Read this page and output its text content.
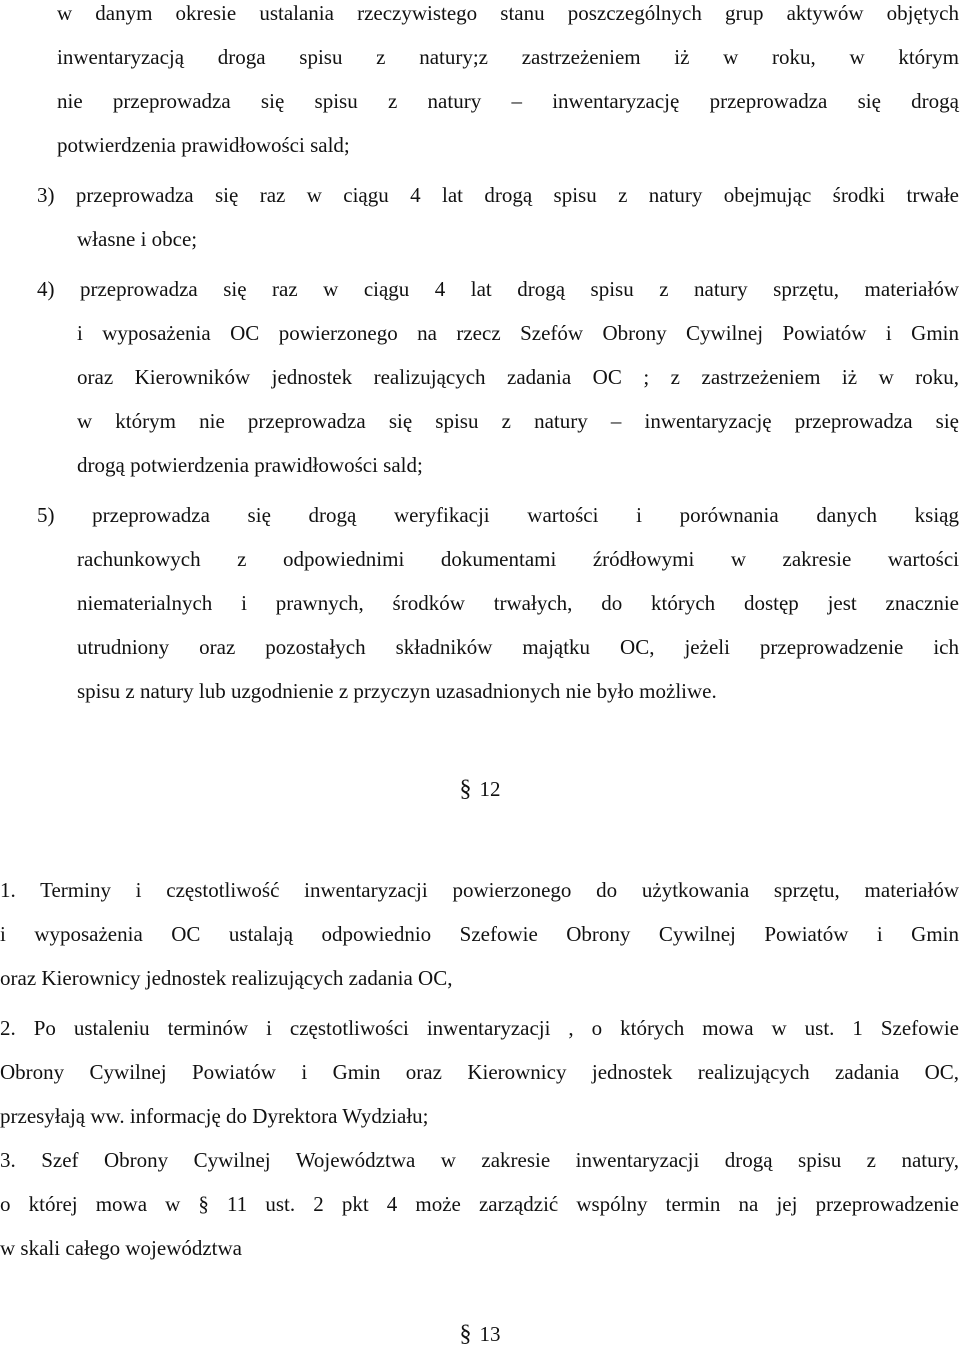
w danym okresie ustalania rzeczywistego stanu poszczególnych grup aktywów objętych
inwentaryzacją droga spisu z natury;z zastrzeżeniem iż w roku, w którym
nie przeprowadza się spisu z natury – inwentaryzację przeprowadza się drogą
potwierdzenia prawidłowości sald;
3) przeprowadza się raz w ciągu 4 lat drogą spisu z natury obejmując środki trwałe
własne i obce;
4) przeprowadza się raz w ciągu 4 lat drogą spisu z natury sprzętu, materiałów
i wyposażenia OC powierzonego na rzecz Szefów Obrony Cywilnej Powiatów i Gmin
oraz Kierowników jednostek realizujących zadania OC ; z zastrzeżeniem iż w roku,
w którym nie przeprowadza się spisu z natury – inwentaryzację przeprowadza się
drogą potwierdzenia prawidłowości sald;
5) przeprowadza się drogą weryfikacji wartości i porównania danych ksiąg
rachunkowych z odpowiednimi dokumentami źródłowymi w zakresie wartości
niematerialnych i prawnych, środków trwałych, do których dostęp jest znacznie
utrudniony oraz pozostałych składników majątku OC, jeżeli przeprowadzenie ich
spisu z natury lub uzgodnienie z przyczyn uzasadnionych nie było możliwe.
§ 12
1. Terminy i częstotliwość inwentaryzacji powierzonego do użytkowania sprzętu, materiałów
i wyposażenia OC ustalają odpowiednio Szefowie Obrony Cywilnej Powiatów i Gmin
oraz Kierownicy jednostek realizujących zadania OC,
2. Po ustaleniu terminów i częstotliwości inwentaryzacji , o których mowa w ust. 1 Szefowie
Obrony Cywilnej Powiatów i Gmin oraz Kierownicy jednostek realizujących zadania OC,
przesyłają ww. informację do Dyrektora Wydziału;
3. Szef Obrony Cywilnej Województwa w zakresie inwentaryzacji drogą spisu z natury,
o której mowa w § 11 ust. 2 pkt 4 może zarządzić wspólny termin na jej przeprowadzenie
w skali całego województwa
§ 13
